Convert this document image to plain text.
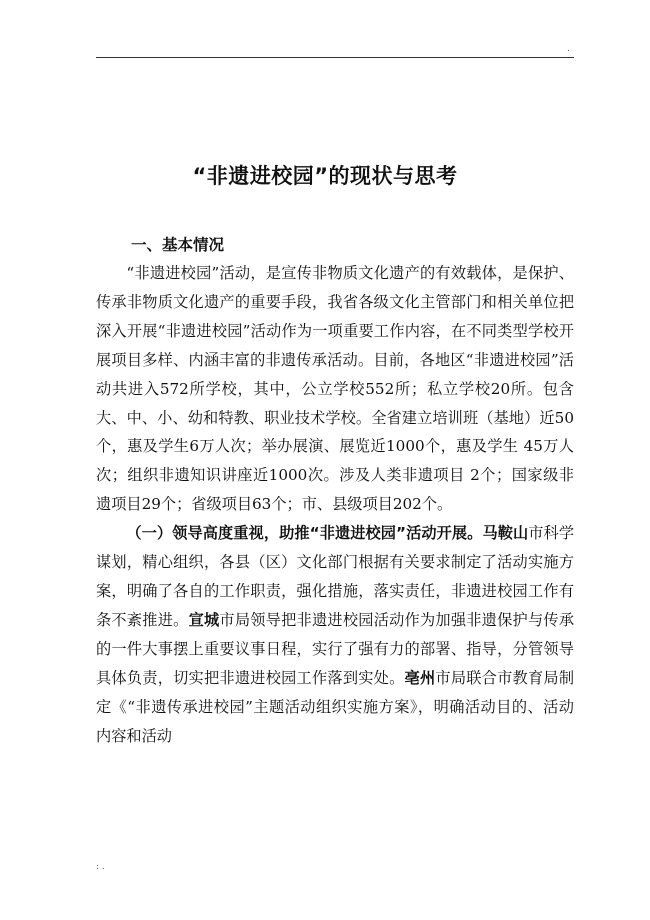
.
“非遗进校园”的现状与思考
一、基本情况

“非遗进校园”活动，是宣传非物质文化遗产的有效载体，是保护、传承非物质文化遗产的重要手段，我省各级文化主管部门和相关单位把深入开展“非遗进校园”活动作为一项重要工作内容，在不同类型学校开展项目多样、内涵丰富的非遗传承活动。目前，各地区“非遗进校园”活动共进入572所学校，其中，公立学校552所；私立学校20所。包含大、中、小、幼和特教、职业技术学校。全省建立培训班（基地）近50个，惠及学生6万人次；举办展演、展览近1000个，惠及学生 45万人次；组织非遗知识讲座近1000次。涉及人类非遗项目 2个；国家级非遗项目29个；省级项目63个；市、县级项目202个。

（一）领导高度重视，助推“非遗进校园”活动开展。马鞍山市科学谋划，精心组织，各县（区）文化部门根据有关要求制定了活动实施方案，明确了各自的工作职责，强化措施，落实责任，非遗进校园工作有条不紊推进。宣城市局领导把非遗进校园活动作为加强非遗保护与传承的一件大事摆上重要议事日程，实行了强有力的部署、指导，分管领导具体负责，切实把非遗进校园工作落到实处。亳州市局联合市教育局制定《“非遗传承进校园”主题活动组织实施方案》，明确活动目的、活动内容和活动

: .
